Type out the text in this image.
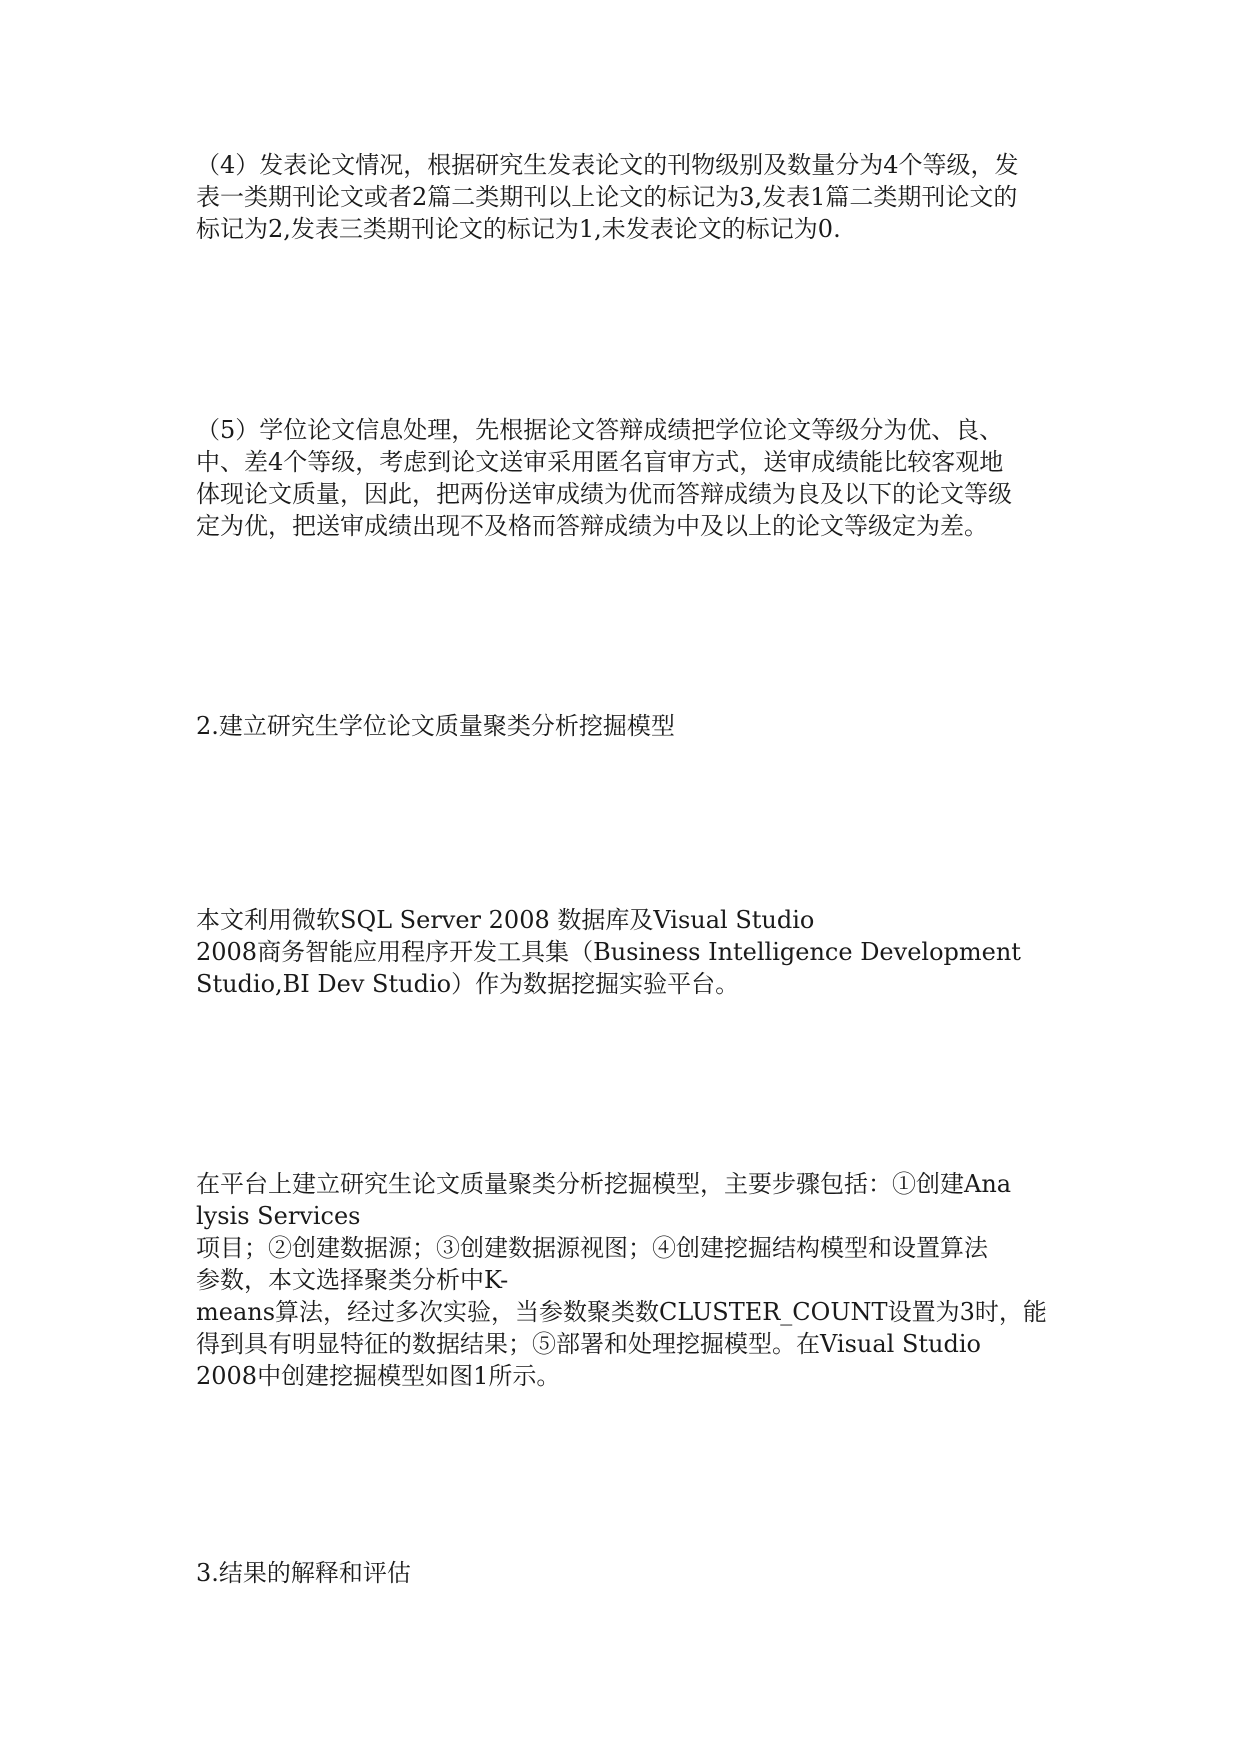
（4）发表论文情况，根据研究生发表论文的刊物级别及数量分为4个等级，发
表一类期刊论文或者2篇二类期刊以上论文的标记为3,发表1篇二类期刊论文的
标记为2,发表三类期刊论文的标记为1,未发表论文的标记为0.

（5）学位论文信息处理，先根据论文答辩成绩把学位论文等级分为优、良、
中、差4个等级，考虑到论文送审采用匿名盲审方式，送审成绩能比较客观地
体现论文质量，因此，把两份送审成绩为优而答辩成绩为良及以下的论文等级
定为优，把送审成绩出现不及格而答辩成绩为中及以上的论文等级定为差。

2.建立研究生学位论文质量聚类分析挖掘模型

本文利用微软SQL Server 2008 数据库及Visual Studio
2008商务智能应用程序开发工具集（Business Intelligence Development
Studio,BI Dev Studio）作为数据挖掘实验平台。

在平台上建立研究生论文质量聚类分析挖掘模型，主要步骤包括：①创建Ana
lysis Services
项目；②创建数据源；③创建数据源视图；④创建挖掘结构模型和设置算法
参数，本文选择聚类分析中K-
means算法，经过多次实验，当参数聚类数CLUSTER_COUNT设置为3时，能
得到具有明显特征的数据结果；⑤部署和处理挖掘模型。在Visual Studio
2008中创建挖掘模型如图1所示。

3.结果的解释和评估
